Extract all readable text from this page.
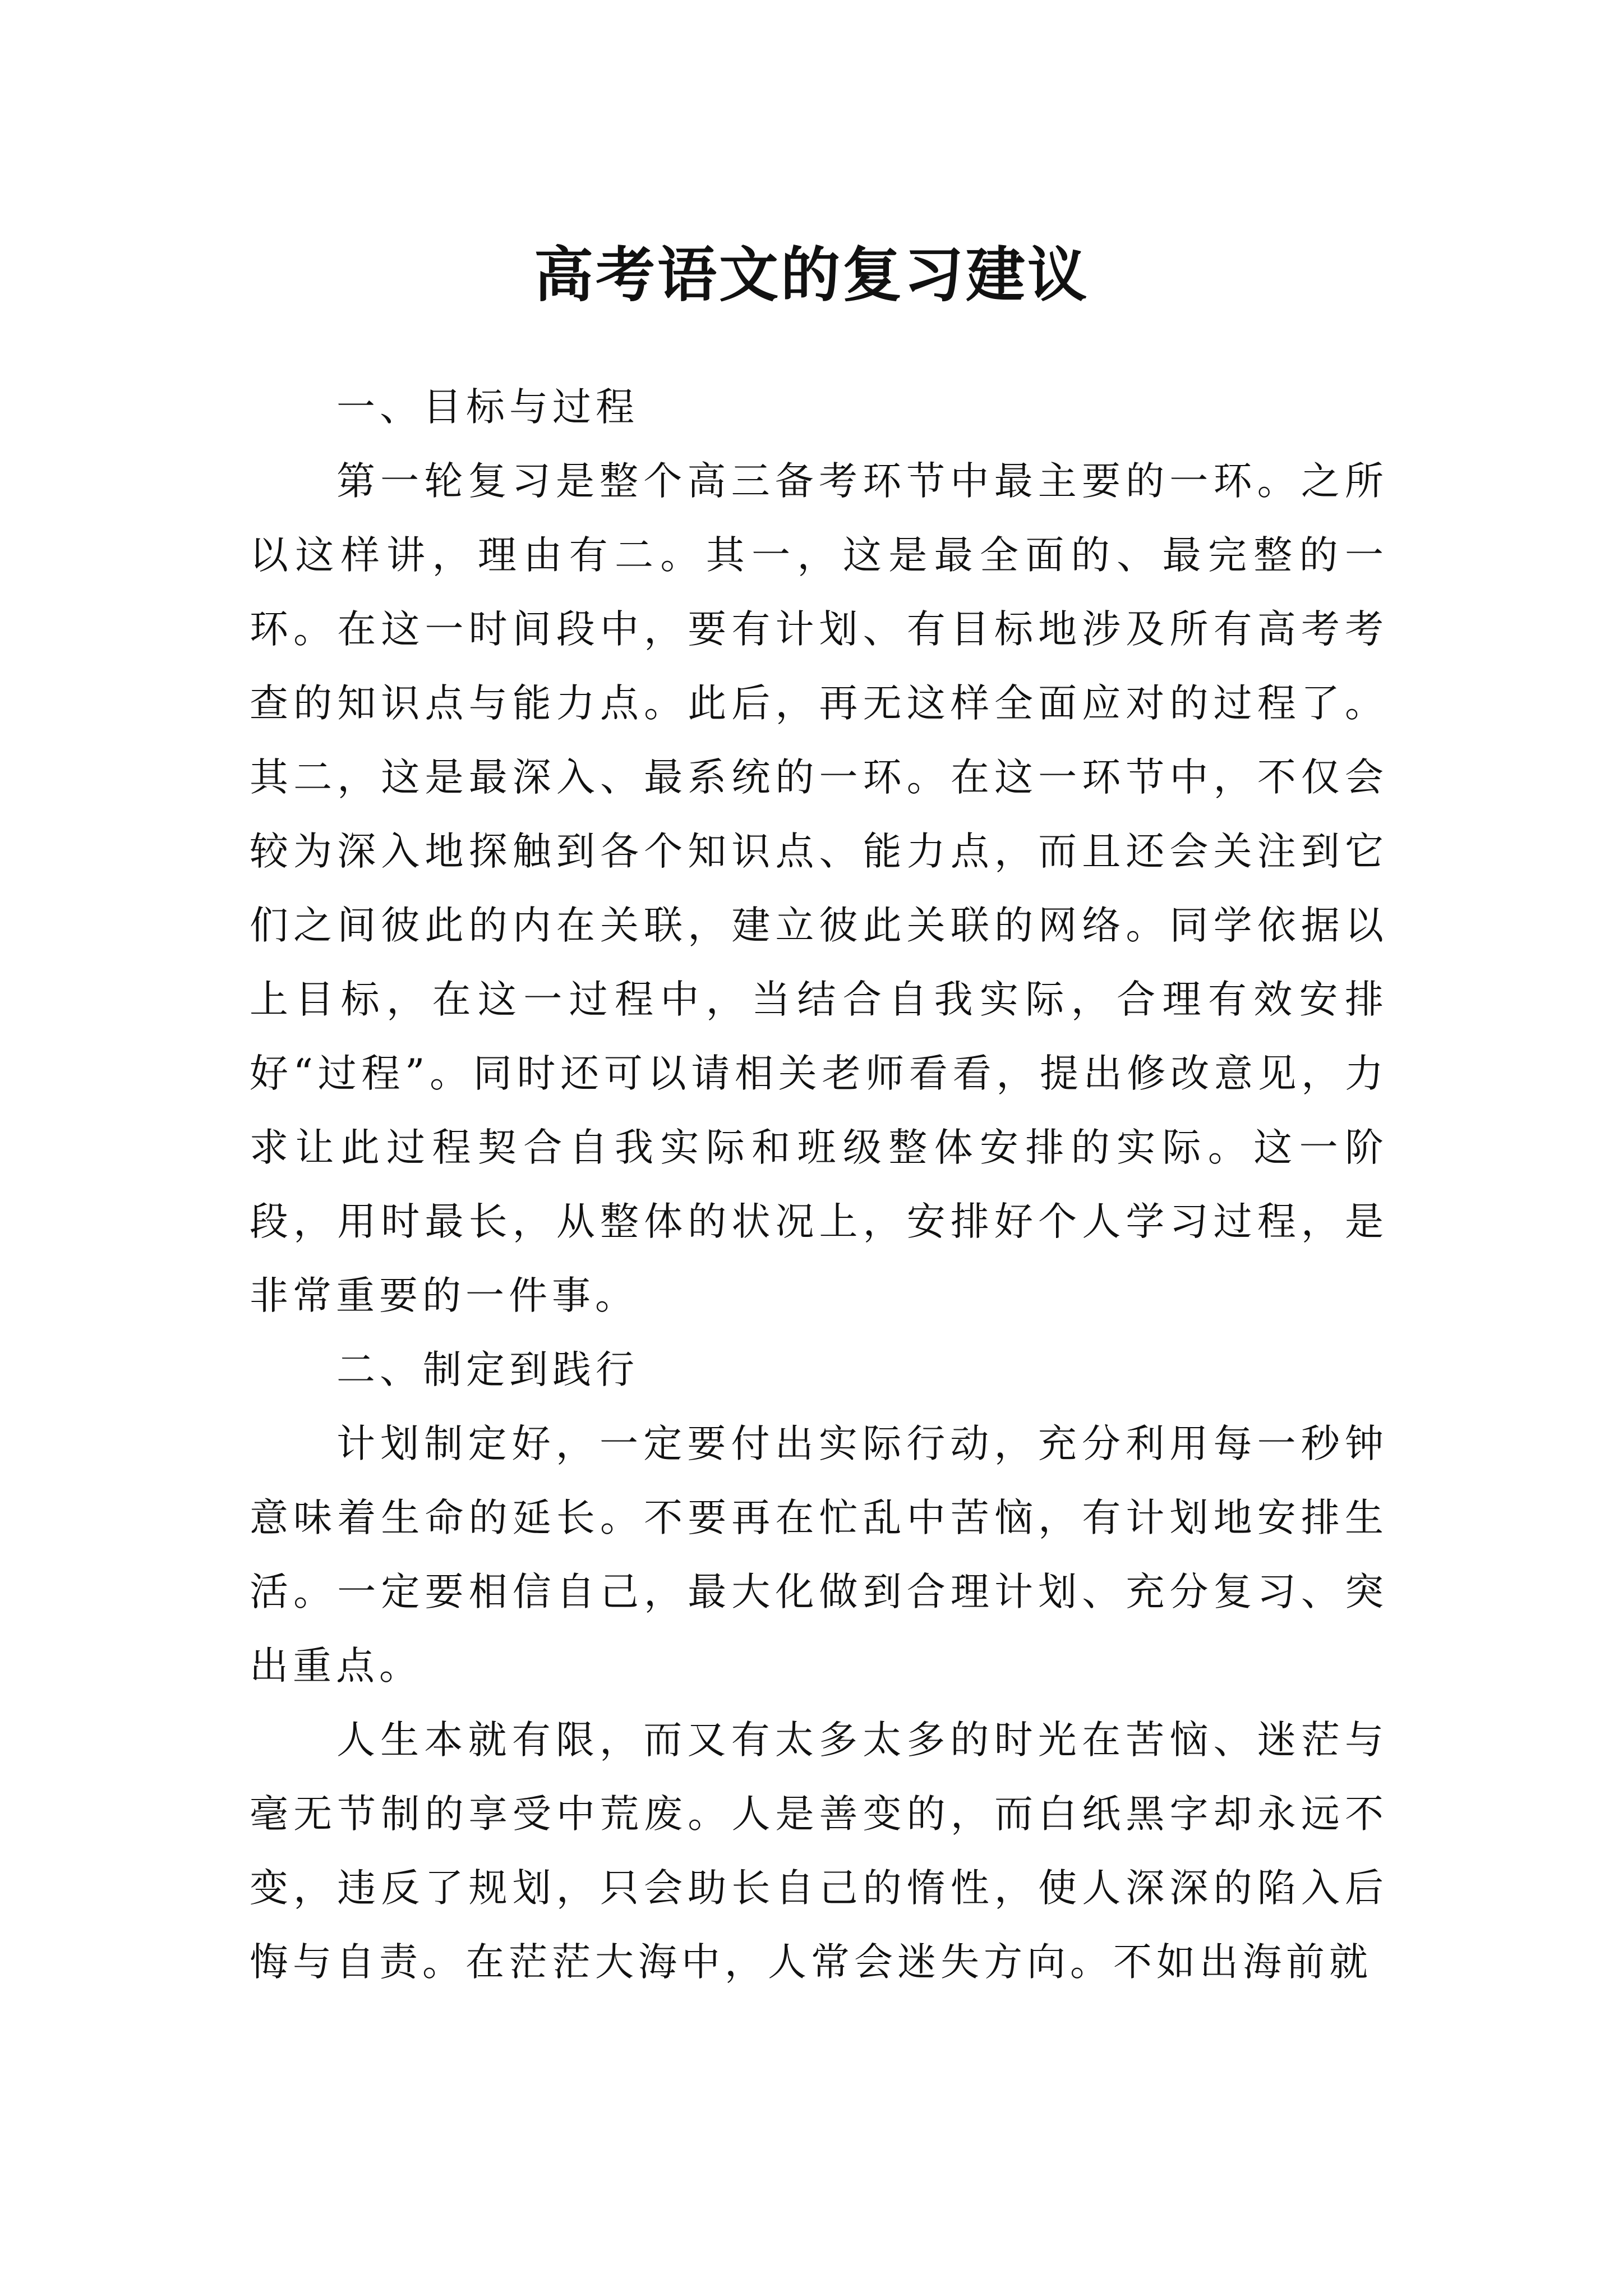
高考语文的复习建议

一、目标与过程

第一轮复习是整个高三备考环节中最主要的一环。之所以这样讲，理由有二。其一，这是最全面的、最完整的一环。在这一时间段中，要有计划、有目标地涉及所有高考考查的知识点与能力点。此后，再无这样全面应对的过程了。其二，这是最深入、最系统的一环。在这一环节中，不仅会较为深入地探触到各个知识点、能力点，而且还会关注到它们之间彼此的内在关联，建立彼此关联的网络。同学依据以上目标，在这一过程中，当结合自我实际，合理有效安排好“过程”。同时还可以请相关老师看看，提出修改意见，力求让此过程契合自我实际和班级整体安排的实际。这一阶段，用时最长，从整体的状况上，安排好个人学习过程，是非常重要的一件事。

二、制定到践行

计划制定好，一定要付出实际行动，充分利用每一秒钟意味着生命的延长。不要再在忙乱中苦恼，有计划地安排生活。一定要相信自己，最大化做到合理计划、充分复习、突出重点。

人生本就有限，而又有太多太多的时光在苦恼、迷茫与毫无节制的享受中荒废。人是善变的，而白纸黑字却永远不变，违反了规划，只会助长自己的惰性，使人深深的陷入后悔与自责。在茫茫大海中，人常会迷失方向。不如出海前就
